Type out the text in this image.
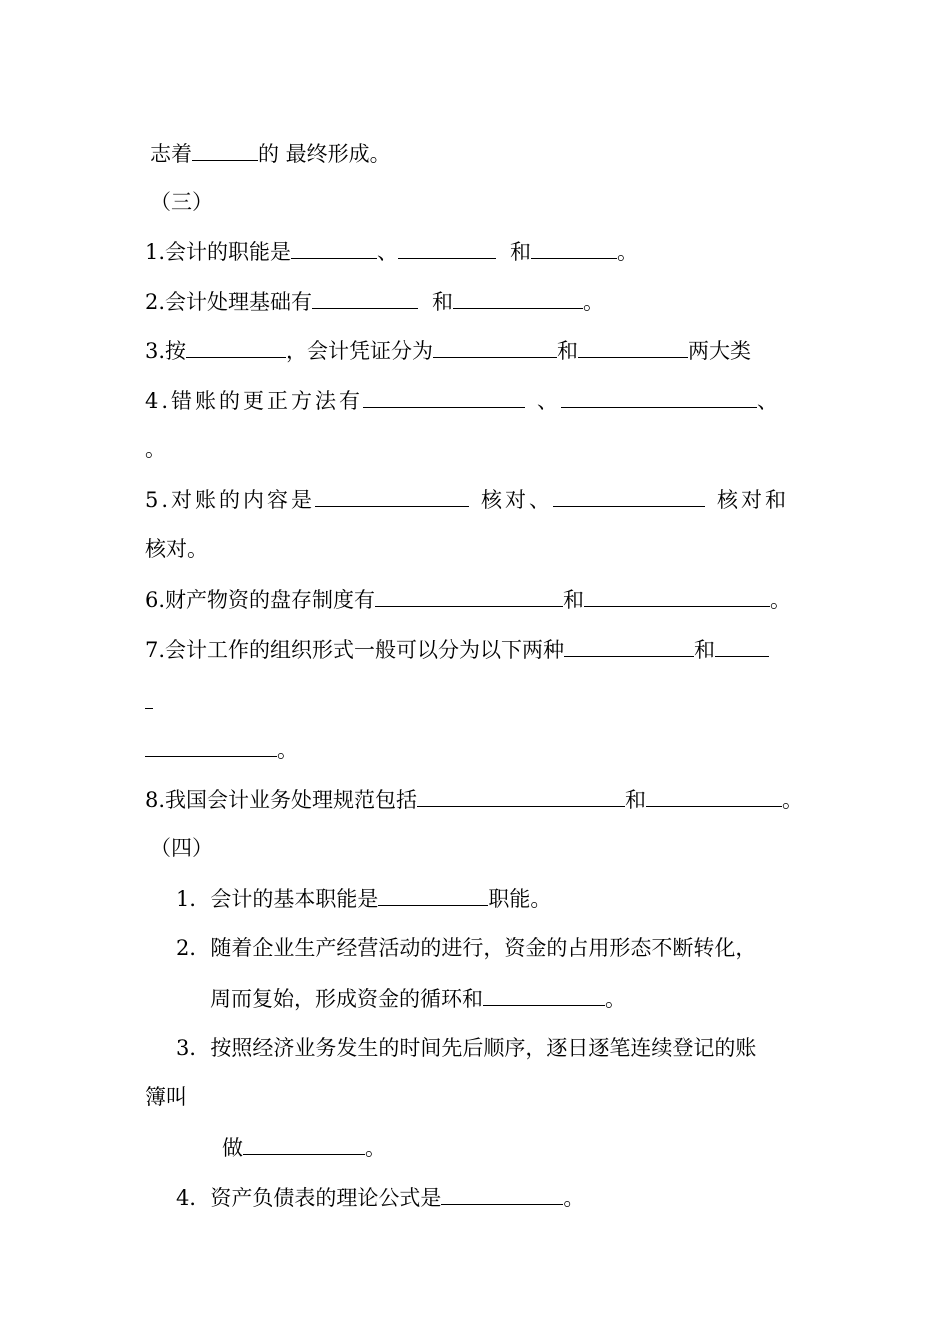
志着	的 最终形成。
（三）
1.会计的职能是	、	和	。
2.会计处理基础有	和	。
3.按	，会计凭证分为	和	两大类
4.错账的更正方法有	、	、
。
5.对账的内容是	核对、	核对和
核对。
6.财产物资的盘存制度有	和	。
7.会计工作的组织形式一般可以分为以下两种	和
。
8.我国会计业务处理规范包括	和	。
（四）
1．会计的基本职能是	职能。
2．随着企业生产经营活动的进行，资金的占用形态不断转化，
周而复始，形成资金的循环和	。
3．按照经济业务发生的时间先后顺序，逐日逐笔连续登记的账
簿叫
做	。
4．资产负债表的理论公式是	。
